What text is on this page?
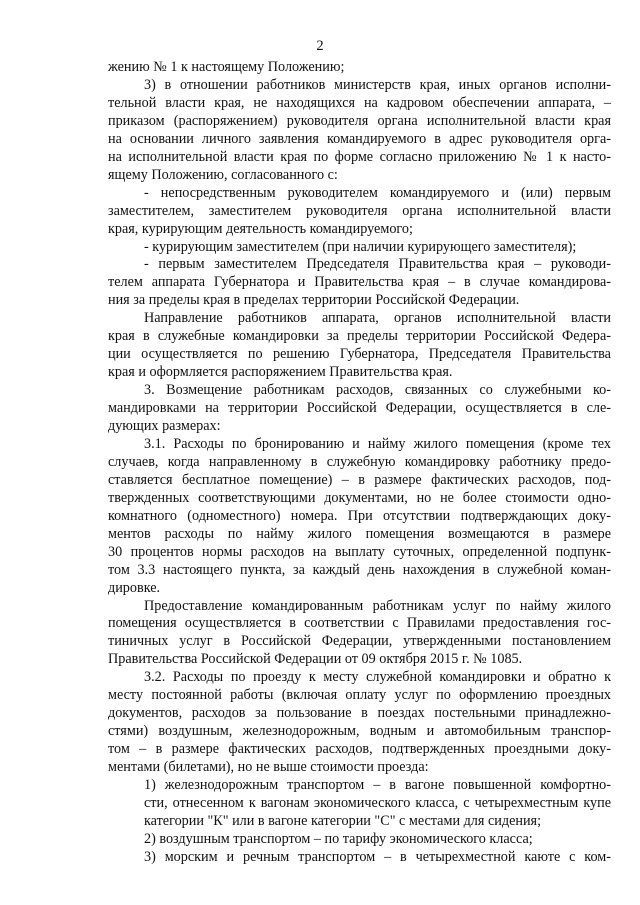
2
жению № 1 к настоящему Положению;
3) в отношении работников министерств края, иных органов исполни-
тельной власти края, не находящихся на кадровом обеспечении аппарата, –
приказом (распоряжением) руководителя органа исполнительной власти края
на основании личного заявления командируемого в адрес руководителя орга-
на исполнительной власти края по форме согласно приложению № 1 к насто-
ящему Положению, согласованного с:
- непосредственным руководителем командируемого и (или) первым
заместителем, заместителем руководителя органа исполнительной власти
края, курирующим деятельность командируемого;
- курирующим заместителем (при наличии курирующего заместителя);
- первым заместителем Председателя Правительства края – руководи-
телем аппарата Губернатора и Правительства края – в случае командирова-
ния за пределы края в пределах территории Российской Федерации.
Направление работников аппарата, органов исполнительной власти
края в служебные командировки за пределы территории Российской Федера-
ции осуществляется по решению Губернатора, Председателя Правительства
края и оформляется распоряжением Правительства края.
3. Возмещение работникам расходов, связанных со служебными ко-
мандировками на территории Российской Федерации, осуществляется в сле-
дующих размерах:
3.1. Расходы по бронированию и найму жилого помещения (кроме тех
случаев, когда направленному в служебную командировку работнику предо-
ставляется бесплатное помещение) – в размере фактических расходов, под-
твержденных соответствующими документами, но не более стоимости одно-
комнатного (одноместного) номера. При отсутствии подтверждающих доку-
ментов расходы по найму жилого помещения возмещаются в размере
30 процентов нормы расходов на выплату суточных, определенной подпунк-
том 3.3 настоящего пункта, за каждый день нахождения в служебной коман-
дировке.
Предоставление командированным работникам услуг по найму жилого
помещения осуществляется в соответствии с Правилами предоставления гос-
тиничных услуг в Российской Федерации, утвержденными постановлением
Правительства Российской Федерации от 09 октября 2015 г. № 1085.
3.2. Расходы по проезду к месту служебной командировки и обратно к
месту постоянной работы (включая оплату услуг по оформлению проездных
документов, расходов за пользование в поездах постельными принадлежно-
стями) воздушным, железнодорожным, водным и автомобильным транспор-
том – в размере фактических расходов, подтвержденных проездными доку-
ментами (билетами), но не выше стоимости проезда:
1) железнодорожным транспортом – в вагоне повышенной комфортно-
сти, отнесенном к вагонам экономического класса, с четырехместным купе
категории "К" или в вагоне категории "С" с местами для сидения;
2) воздушным транспортом – по тарифу экономического класса;
3) морским и речным транспортом – в четырехместной каюте с ком-
